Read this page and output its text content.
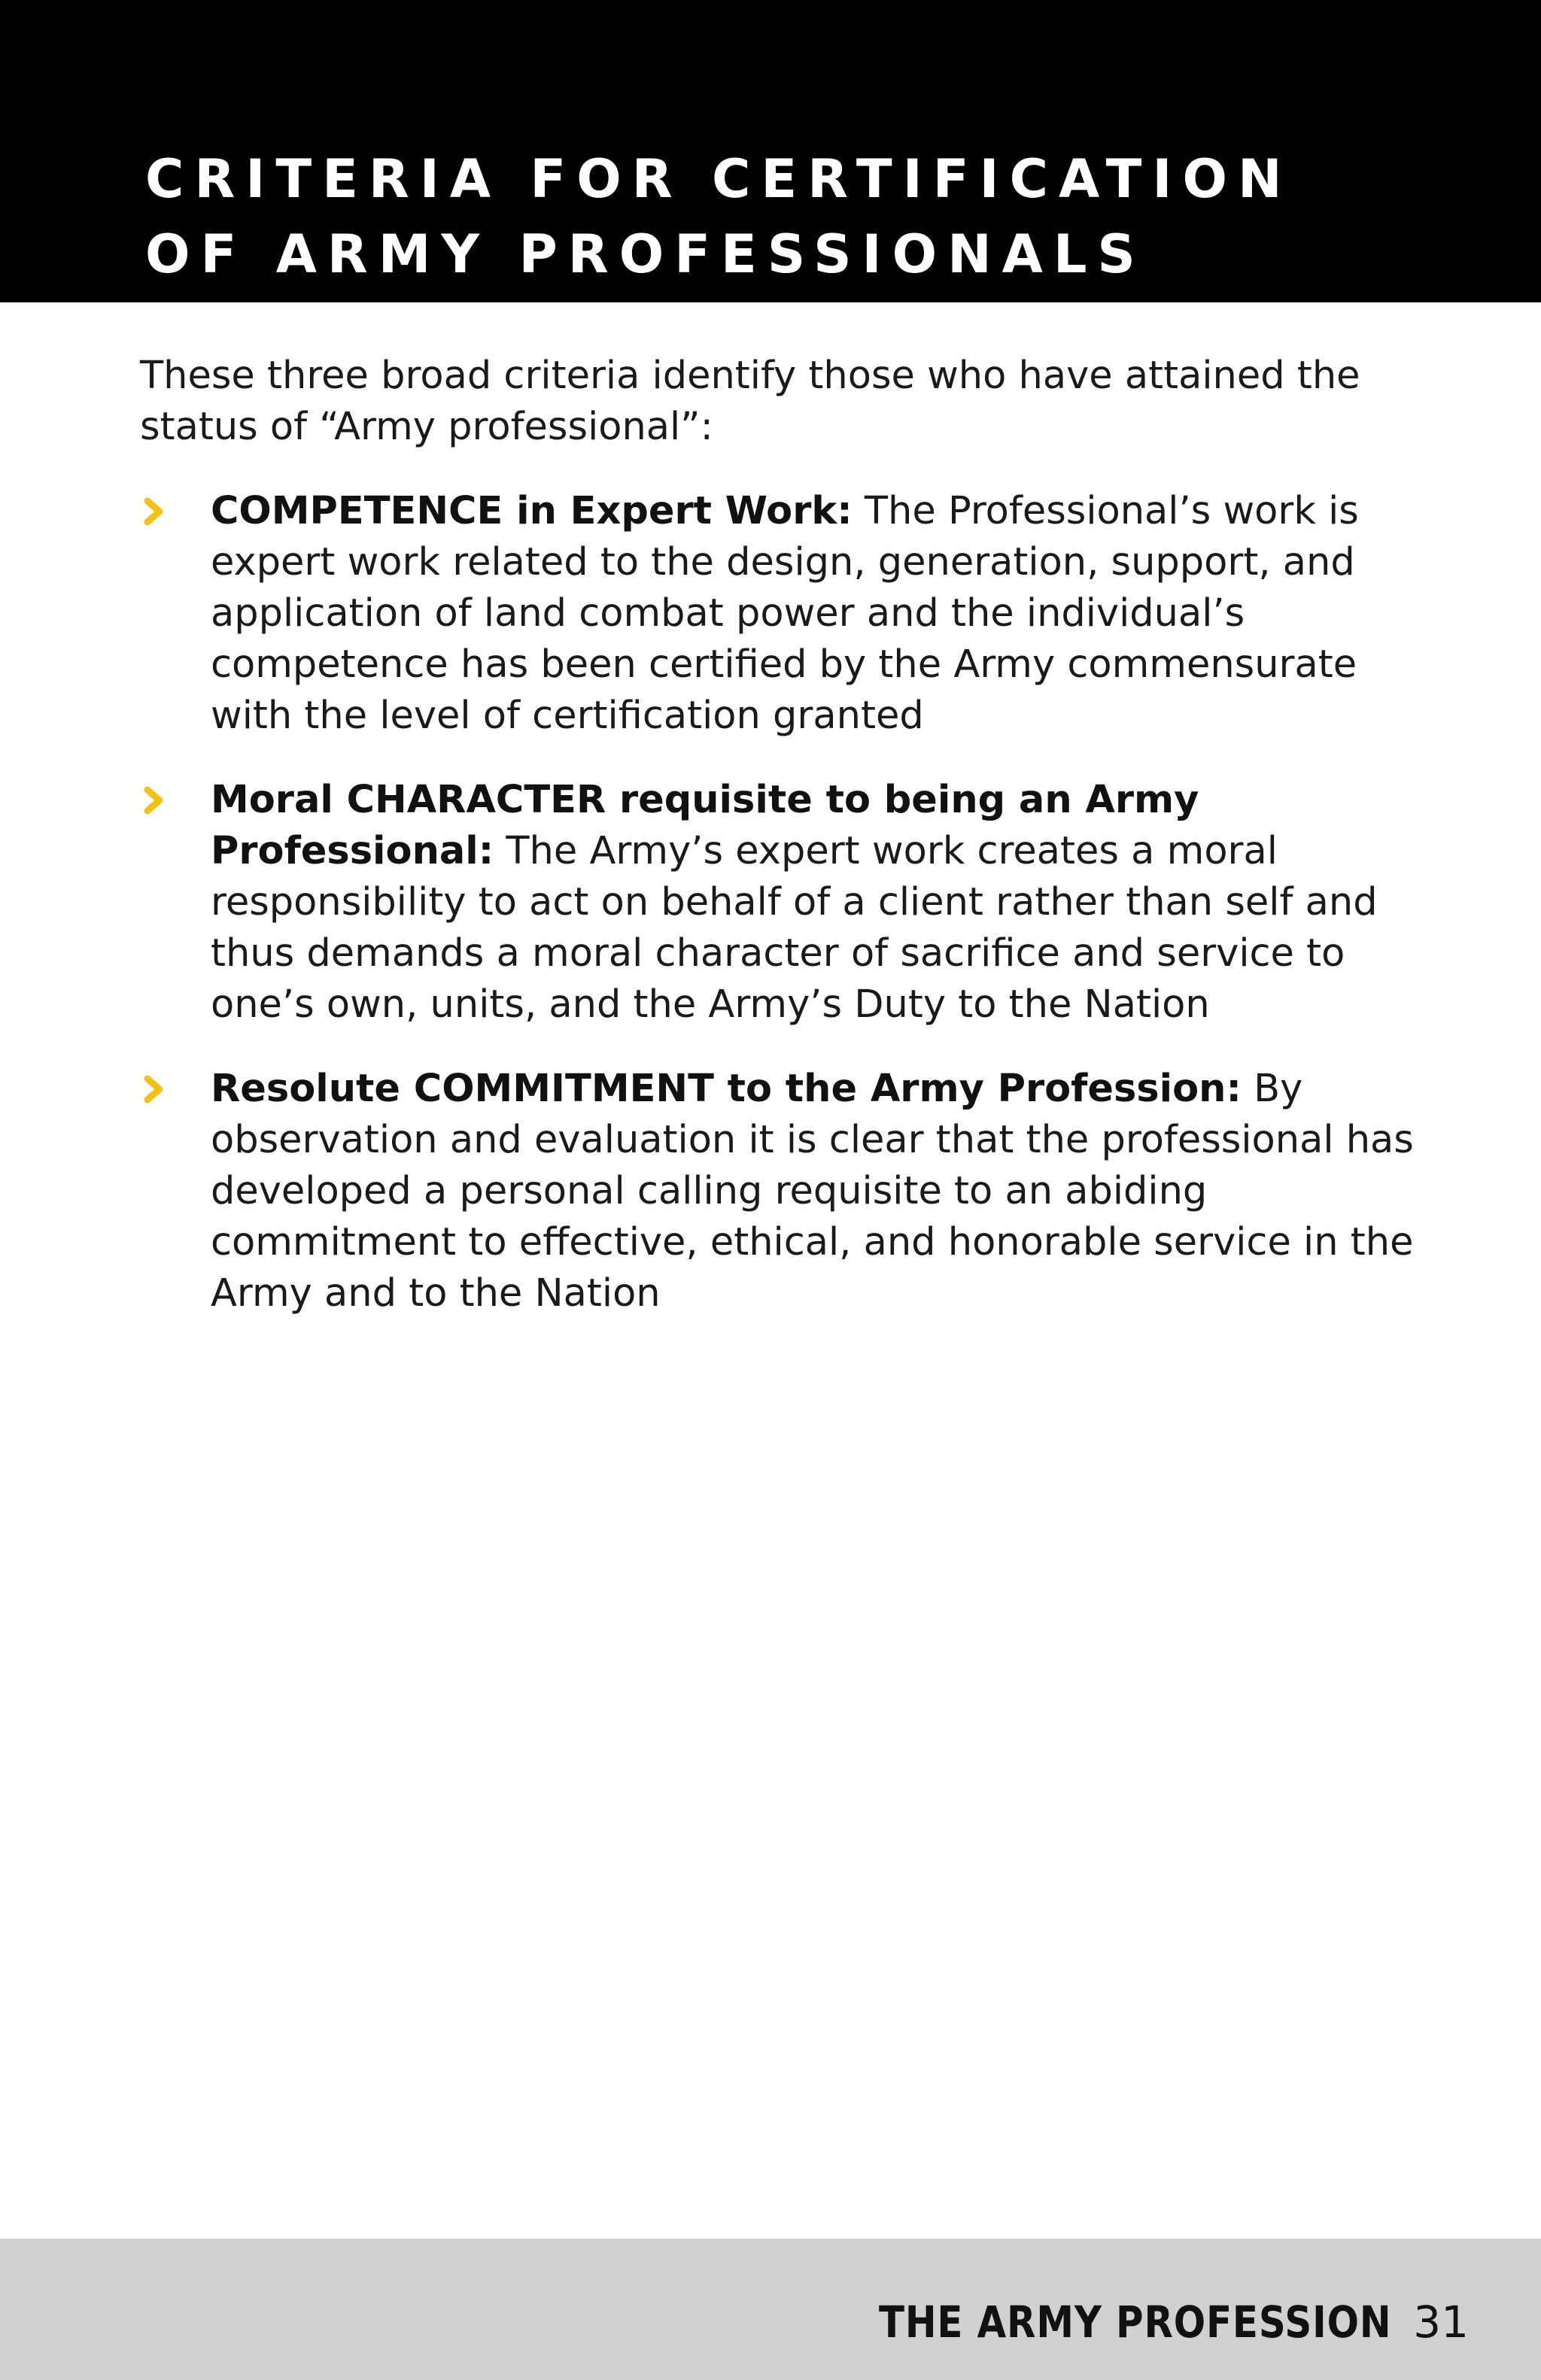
CRITERIA FOR CERTIFICATION
OF ARMY PROFESSIONALS

These three broad criteria identify those who have attained the status of “Army professional”:

COMPETENCE in Expert Work: The Professional’s work is expert work related to the design, generation, support, and application of land combat power and the individual’s competence has been certified by the Army commensurate with the level of certification granted
Moral CHARACTER requisite to being an Army Professional: The Army’s expert work creates a moral responsibility to act on behalf of a client rather than self and thus demands a moral character of sacrifice and service to one’s own, units, and the Army’s Duty to the Nation
Resolute COMMITMENT to the Army Profession: By observation and evaluation it is clear that the professional has developed a personal calling requisite to an abiding commitment to effective, ethical, and honorable service in the Army and to the Nation
THE ARMY PROFESSION 31
